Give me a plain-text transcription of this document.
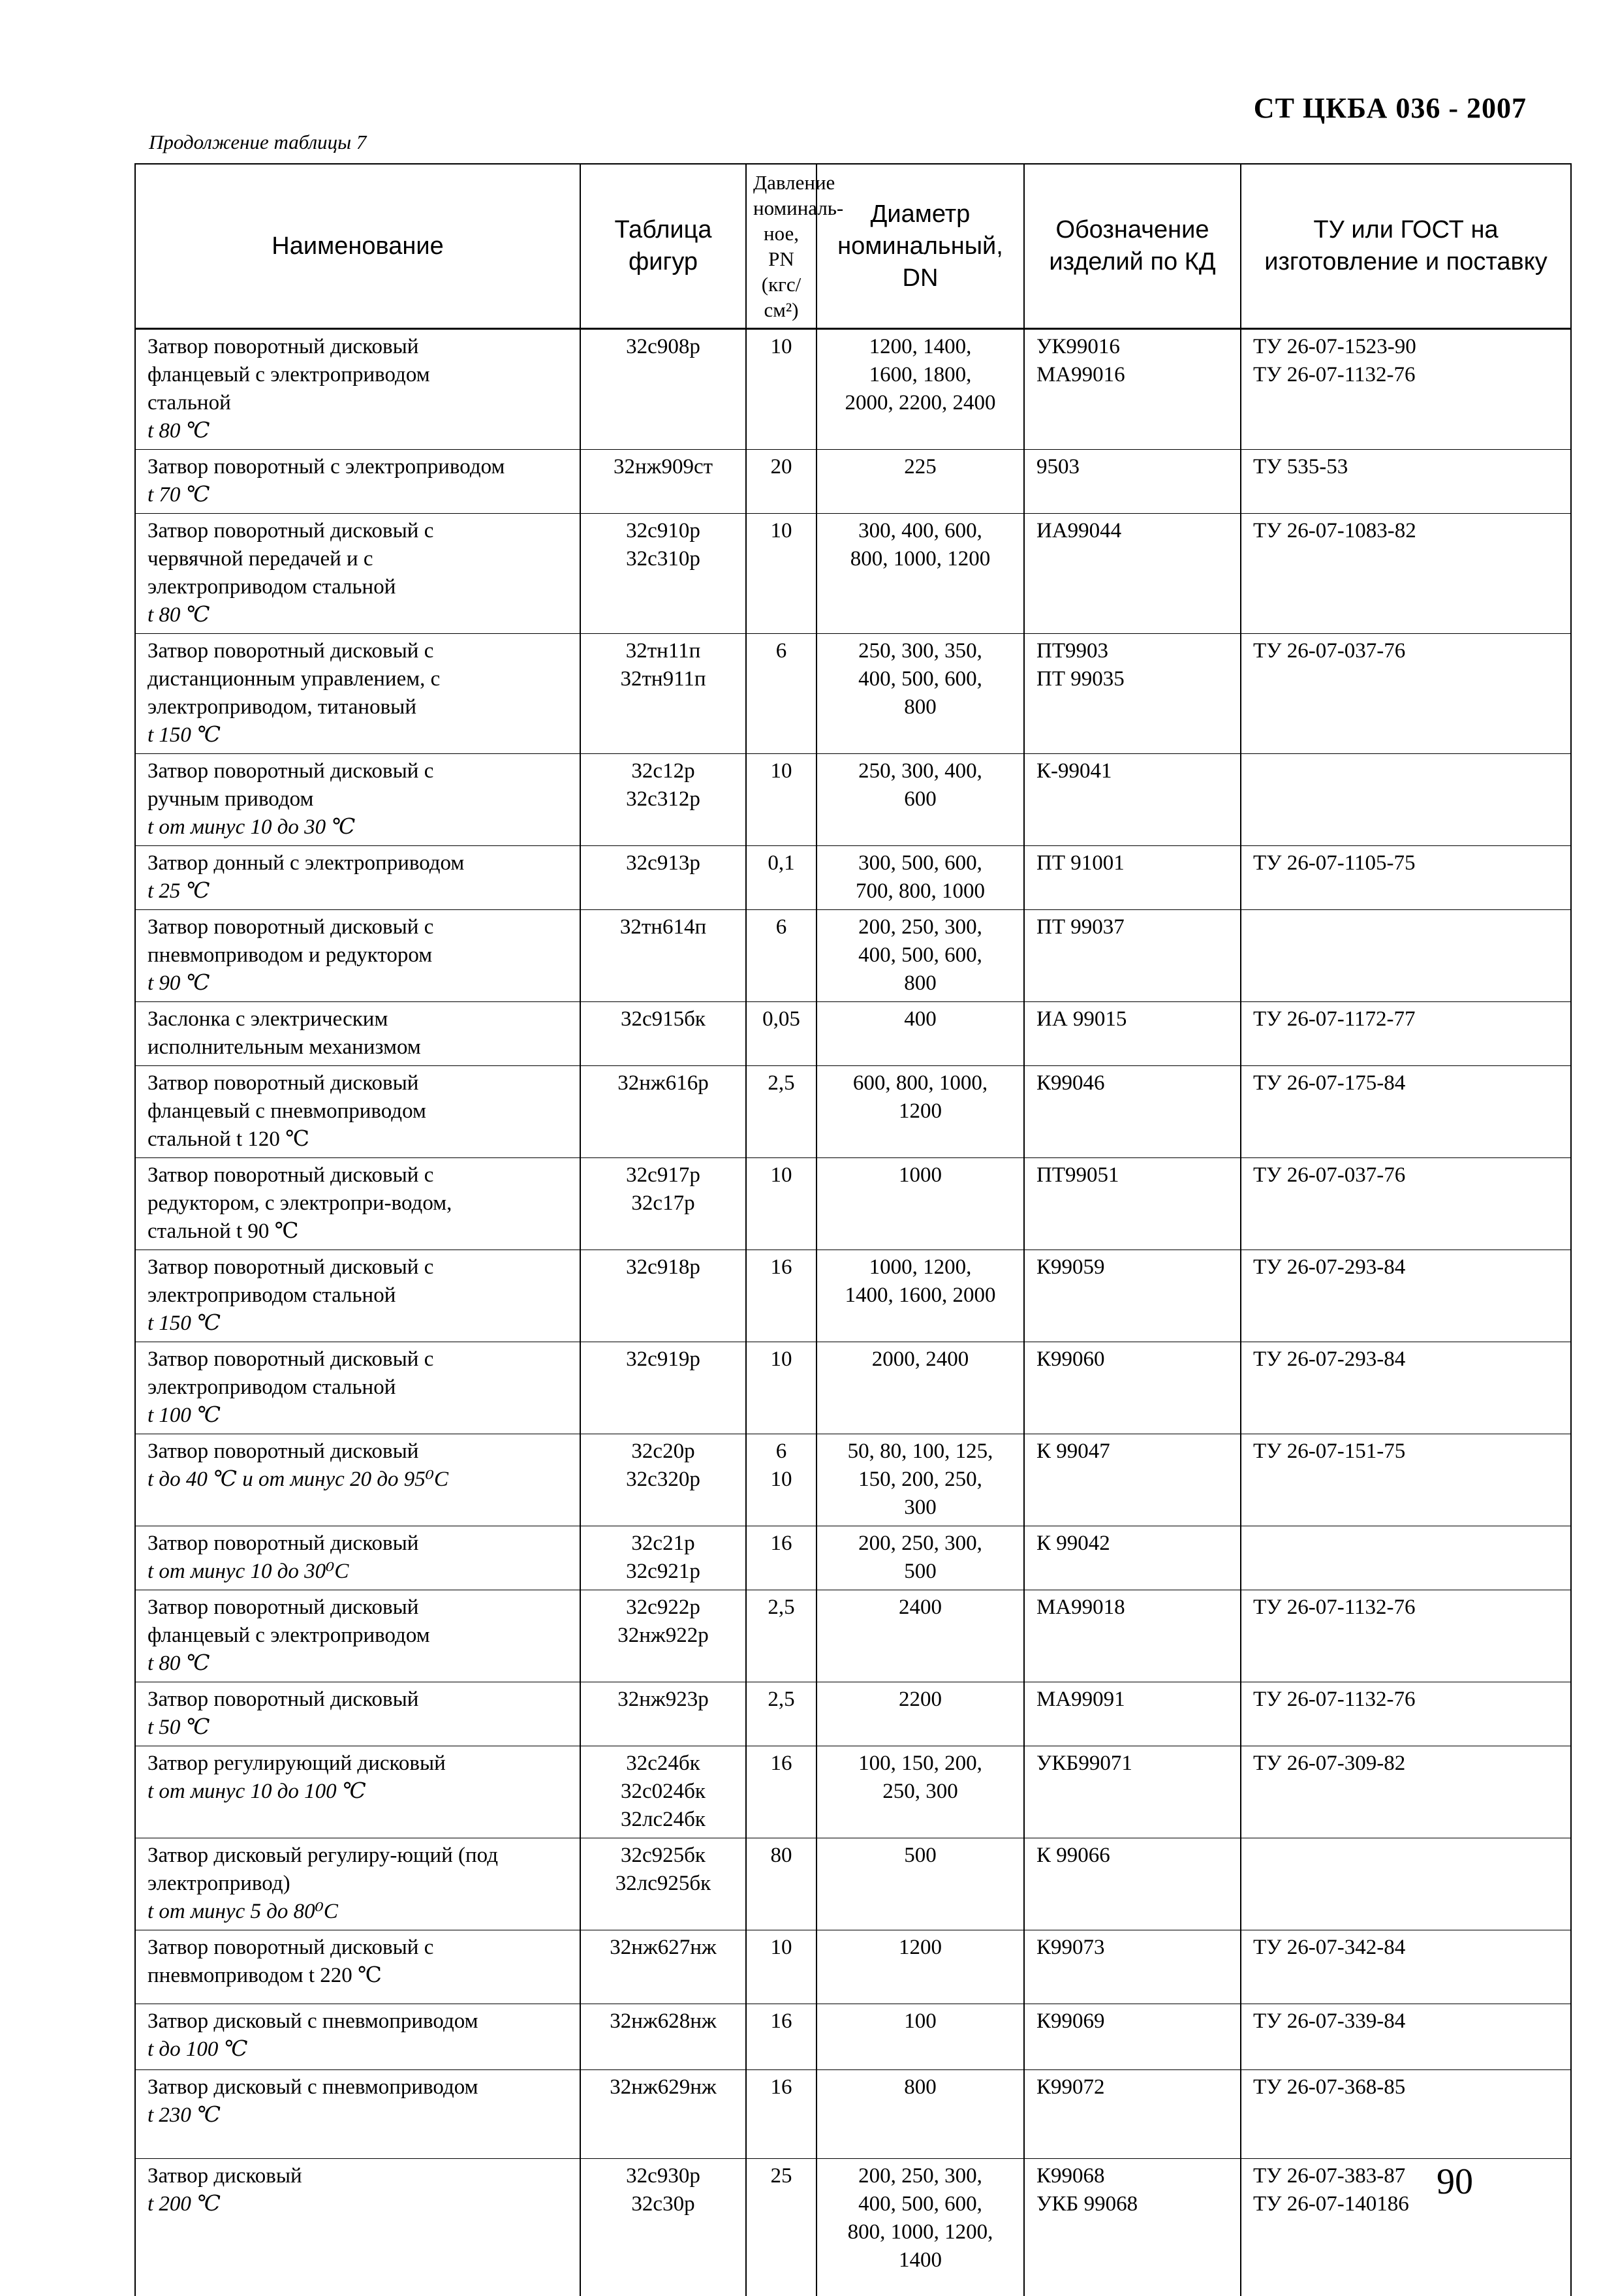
СТ ЦКБА 036 - 2007
Продолжение таблицы 7
Наименование	Таблица фигур	Давление номиналь-ное, PN (кгс/см²)	Диаметр номинальный, DN	Обозначение изделий по КД	ТУ или ГОСТ на изготовление и поставку

Затвор поворотный дисковый
фланцевый с электроприводом
стальной
t 80 ℃	32с908р	10	1200, 1400,
1600, 1800,
2000, 2200, 2400	УК99016
МА99016	ТУ 26-07-1523-90
ТУ 26-07-1132-76

Затвор поворотный с электроприводом
t 70 ℃	32нж909ст	20	225	9503	ТУ 535-53

Затвор поворотный дисковый с
червячной передачей и с
электроприводом стальной
t 80 ℃	32с910р
32с310р	10	300, 400, 600,
800, 1000, 1200	ИА99044	ТУ 26-07-1083-82

Затвор поворотный дисковый с
дистанционным управлением, с
электроприводом, титановый
t 150 ℃	32тн11п
32тн911п	6	250, 300, 350,
400, 500, 600,
800	ПТ9903
ПТ 99035	ТУ 26-07-037-76

Затвор поворотный дисковый с
ручным приводом
t от минус 10 до 30 ℃	32с12р
32с312р	10	250, 300, 400,
600	К-99041	

Затвор донный с электроприводом
t 25 ℃	32с913р	0,1	300, 500, 600,
700, 800, 1000	ПТ 91001	ТУ 26-07-1105-75

Затвор поворотный дисковый с
пневмоприводом и редуктором
t 90 ℃	32тн614п	6	200, 250, 300,
400, 500, 600,
800	ПТ 99037	

Заслонка с электрическим
исполнительным механизмом	32с915бк	0,05	400	ИА 99015	ТУ 26-07-1172-77

Затвор поворотный дисковый
фланцевый с пневмоприводом
стальной t 120 ℃	32нж616р	2,5	600, 800, 1000,
1200	К99046	ТУ 26-07-175-84

Затвор поворотный дисковый с
редуктором, с электропри-водом,
стальной t 90 ℃	32с917р
32с17р	10	1000	ПТ99051	ТУ 26-07-037-76

Затвор поворотный дисковый с
электроприводом стальной
t 150 ℃	32с918р	16	1000, 1200,
1400, 1600, 2000	К99059	ТУ 26-07-293-84

Затвор поворотный дисковый с
электроприводом стальной
t 100 ℃	32с919р	10	2000, 2400	К99060	ТУ 26-07-293-84

Затвор поворотный дисковый
t до 40 ℃ и от минус 20 до 95⁰С	32с20р
32с320р	6
10	50, 80, 100, 125,
150, 200, 250,
300	К 99047	ТУ 26-07-151-75

Затвор поворотный дисковый
t от минус 10 до 30⁰С	32с21р
32с921р	16	200, 250, 300,
500	К 99042	

Затвор поворотный дисковый
фланцевый с электроприводом
t 80 ℃	32с922р
32нж922р	2,5	2400	МА99018	ТУ 26-07-1132-76

Затвор поворотный дисковый
t 50 ℃	32нж923р	2,5	2200	МА99091	ТУ 26-07-1132-76

Затвор регулирующий дисковый
t от минус 10 до 100 ℃	32с24бк
32с024бк
32лс24бк	16	100, 150, 200,
250, 300	УКБ99071	ТУ 26-07-309-82

Затвор дисковый регулиру-ющий (под
электропривод)
t от минус 5 до 80⁰С	32с925бк
32лс925бк	80	500	К 99066	

Затвор поворотный дисковый с
пневмоприводом t 220 ℃	32нж627нж	10	1200	К99073	ТУ 26-07-342-84

Затвор дисковый с пневмоприводом
t до 100 ℃	32нж628нж	16	100	К99069	ТУ 26-07-339-84

Затвор дисковый с пневмоприводом
t 230 ℃	32нж629нж	16	800	К99072	ТУ 26-07-368-85

Затвор дисковый
t 200 ℃	32с930р
32с30р	25	200, 250, 300,
400, 500, 600,
800, 1000, 1200,
1400	К99068
УКБ 99068	ТУ 26-07-383-87
ТУ 26-07-140186
90
